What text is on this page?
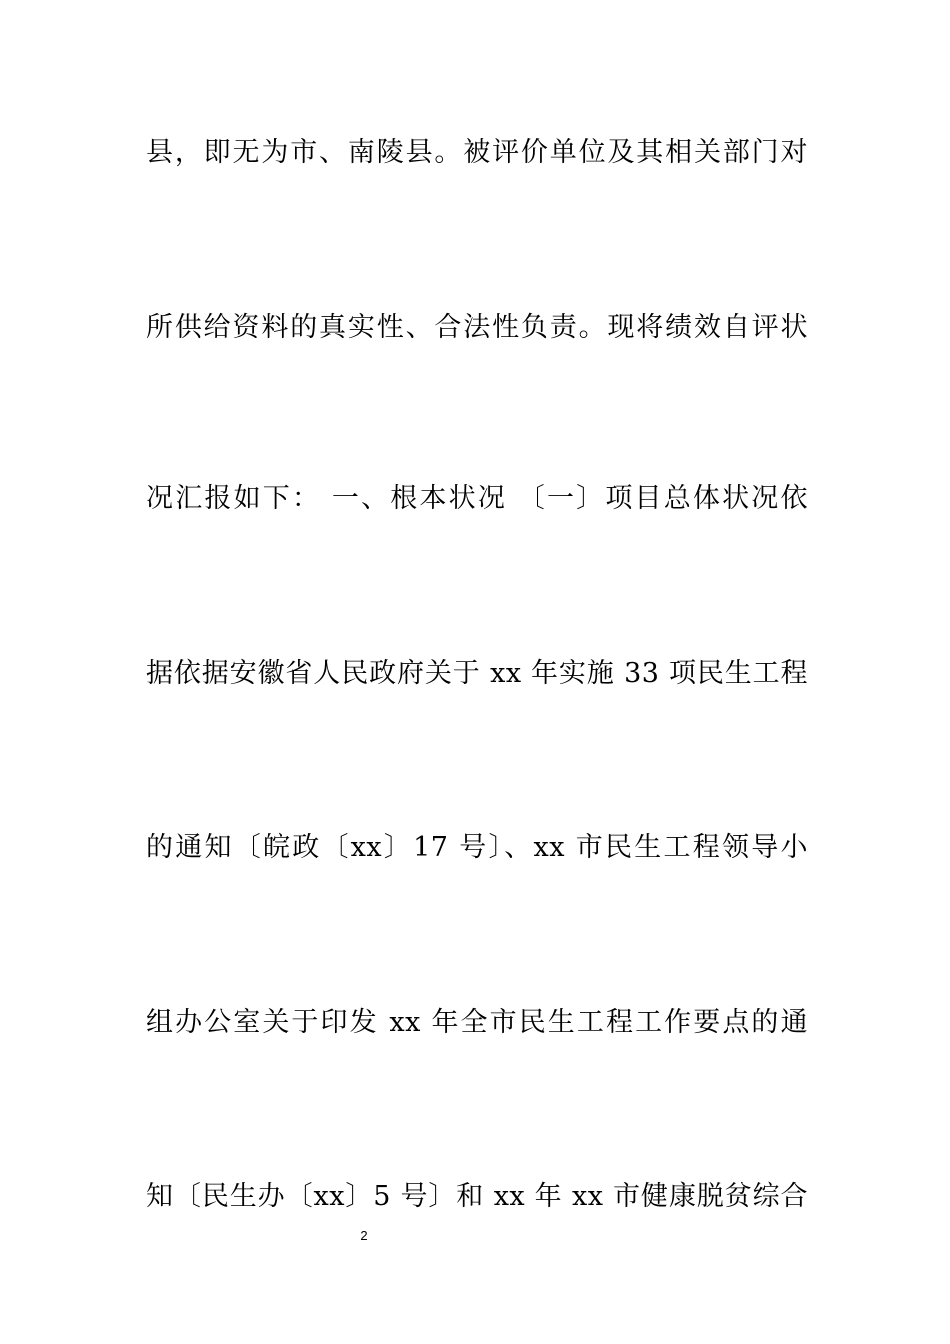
县，即无为市、南陵县。被评价单位及其相关部门对
所供给资料的真实性、合法性负责。现将绩效自评状
况汇报如下： 一、根本状况 〔一〕项目总体状况依
据依据安徽省人民政府关于 xx 年实施 33 项民生工程
的通知〔皖政〔xx〕17 号〕、xx 市民生工程领导小
组办公室关于印发 xx 年全市民生工程工作要点的通
知〔民生办〔xx〕5 号〕和 xx 年 xx 市健康脱贫综合
2
